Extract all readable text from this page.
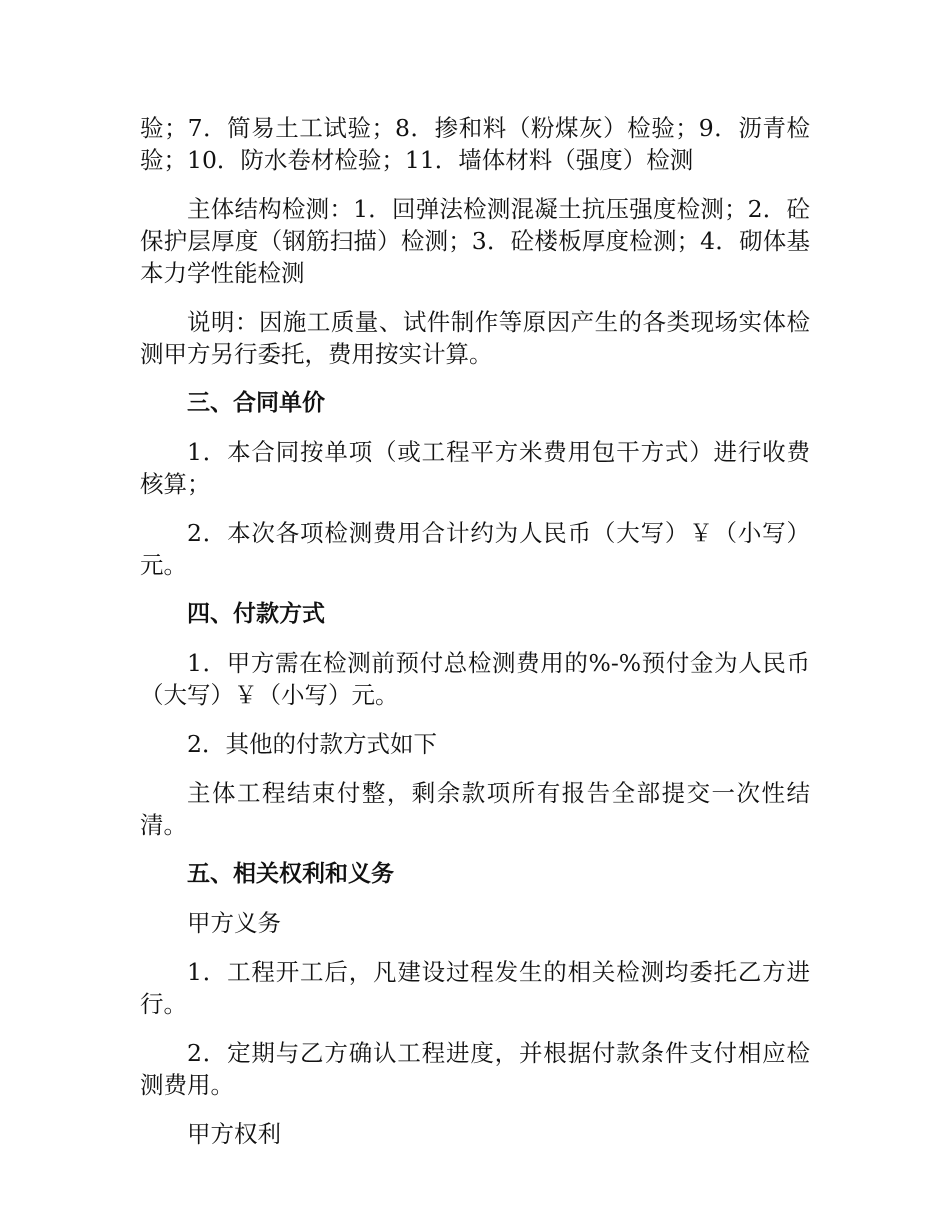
验；7．简易土工试验；8．掺和料（粉煤灰）检验；9．沥青检验；10．防水卷材检验；11．墙体材料（强度）检测

主体结构检测：1．回弹法检测混凝土抗压强度检测；2．砼保护层厚度（钢筋扫描）检测；3．砼楼板厚度检测；4．砌体基本力学性能检测

说明：因施工质量、试件制作等原因产生的各类现场实体检测甲方另行委托，费用按实计算。

三、合同单价

1．本合同按单项（或工程平方米费用包干方式）进行收费核算；

2．本次各项检测费用合计约为人民币（大写）￥（小写）元。

四、付款方式

1．甲方需在检测前预付总检测费用的%-%预付金为人民币（大写）￥（小写）元。

2．其他的付款方式如下

主体工程结束付整，剩余款项所有报告全部提交一次性结清。

五、相关权利和义务

甲方义务

1．工程开工后，凡建设过程发生的相关检测均委托乙方进行。

2．定期与乙方确认工程进度，并根据付款条件支付相应检测费用。

甲方权利
